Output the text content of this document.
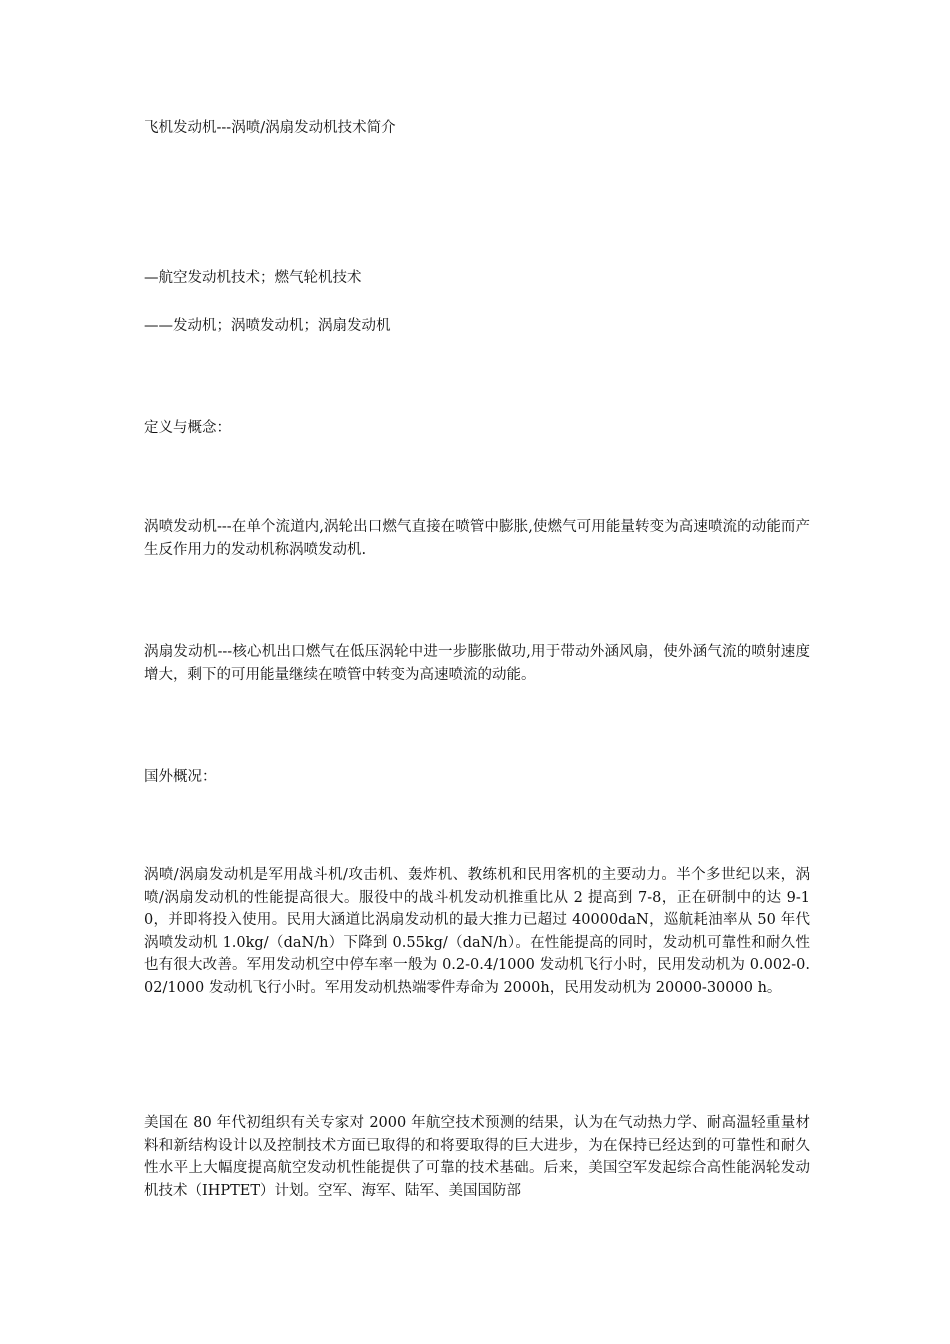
飞机发动机---涡喷/涡扇发动机技术简介

—航空发动机技术；燃气轮机技术

——发动机；涡喷发动机；涡扇发动机

定义与概念：

涡喷发动机---在单个流道内,涡轮出口燃气直接在喷管中膨胀,使燃气可用能量转变为高速喷流的动能而产生反作用力的发动机称涡喷发动机.

涡扇发动机---核心机出口燃气在低压涡轮中进一步膨胀做功,用于带动外涵风扇，使外涵气流的喷射速度增大，剩下的可用能量继续在喷管中转变为高速喷流的动能。

国外概况：

涡喷/涡扇发动机是军用战斗机/攻击机、轰炸机、教练机和民用客机的主要动力。半个多世纪以来，涡喷/涡扇发动机的性能提高很大。服役中的战斗机发动机推重比从 2 提高到 7-8，正在研制中的达 9-10，并即将投入使用。民用大涵道比涡扇发动机的最大推力已超过 40000daN，巡航耗油率从 50 年代涡喷发动机 1.0kg/（daN/h）下降到 0.55kg/（daN/h）。在性能提高的同时，发动机可靠性和耐久性也有很大改善。军用发动机空中停车率一般为 0.2-0.4/1000 发动机飞行小时，民用发动机为 0.002-0.02/1000 发动机飞行小时。军用发动机热端零件寿命为 2000h，民用发动机为 20000-30000 h。

美国在 80 年代初组织有关专家对 2000 年航空技术预测的结果，认为在气动热力学、耐高温轻重量材料和新结构设计以及控制技术方面已取得的和将要取得的巨大进步，为在保持已经达到的可靠性和耐久性水平上大幅度提高航空发动机性能提供了可靠的技术基础。后来，美国空军发起综合高性能涡轮发动机技术（IHPTET）计划。空军、海军、陆军、美国国防部
